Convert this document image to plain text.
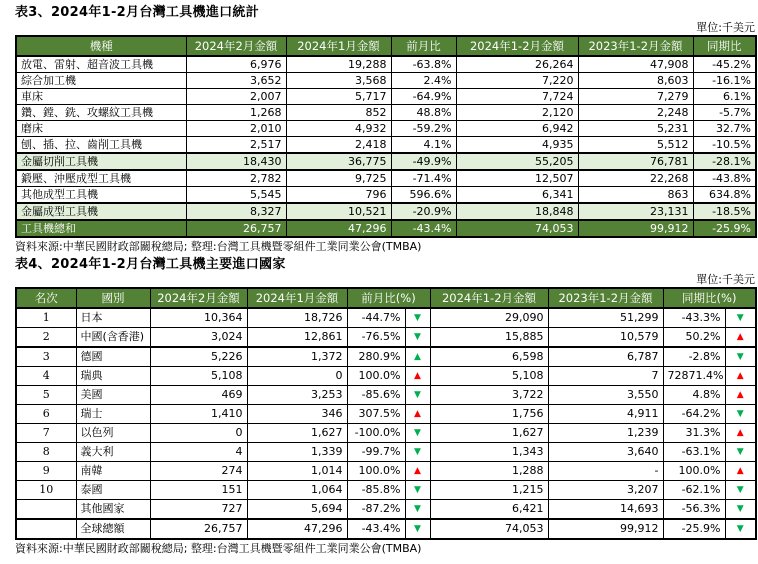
表3、2024年1-2月台灣工具機進口統計
單位:千美元
機種	2024年2月金額	2024年1月金額	前月比	2024年1-2月金額	2023年1-2月金額	同期比
放電、雷射、超音波工具機	6,976	19,288	-63.8%	26,264	47,908	-45.2%
綜合加工機	3,652	3,568	2.4%	7,220	8,603	-16.1%
車床	2,007	5,717	-64.9%	7,724	7,279	6.1%
鑽、鏜、銑、攻螺紋工具機	1,268	852	48.8%	2,120	2,248	-5.7%
磨床	2,010	4,932	-59.2%	6,942	5,231	32.7%
刨、插、拉、齒削工具機	2,517	2,418	4.1%	4,935	5,512	-10.5%
金屬切削工具機	18,430	36,775	-49.9%	55,205	76,781	-28.1%
鍛壓、沖壓成型工具機	2,782	9,725	-71.4%	12,507	22,268	-43.8%
其他成型工具機	5,545	796	596.6%	6,341	863	634.8%
金屬成型工具機	8,327	10,521	-20.9%	18,848	23,131	-18.5%
工具機總和	26,757	47,296	-43.4%	74,053	99,912	-25.9%
資料來源:中華民國財政部關稅總局; 整理:台灣工具機暨零組件工業同業公會(TMBA)
表4、2024年1-2月台灣工具機主要進口國家
單位:千美元
名次	國別	2024年2月金額	2024年1月金額	前月比(%)		2024年1-2月金額	2023年1-2月金額	同期比(%)	
1	日本	10,364	18,726	-44.7%	▼	29,090	51,299	-43.3%	▼
2	中國(含香港)	3,024	12,861	-76.5%	▼	15,885	10,579	50.2%	▲
3	德國	5,226	1,372	280.9%	▲	6,598	6,787	-2.8%	▼
4	瑞典	5,108	0	100.0%	▲	5,108	7	72871.4%	▲
5	美國	469	3,253	-85.6%	▼	3,722	3,550	4.8%	▲
6	瑞士	1,410	346	307.5%	▲	1,756	4,911	-64.2%	▼
7	以色列	0	1,627	-100.0%	▼	1,627	1,239	31.3%	▲
8	義大利	4	1,339	-99.7%	▼	1,343	3,640	-63.1%	▼
9	南韓	274	1,014	100.0%	▲	1,288	-	100.0%	▲
10	泰國	151	1,064	-85.8%	▼	1,215	3,207	-62.1%	▼
	其他國家	727	5,694	-87.2%	▼	6,421	14,693	-56.3%	▼
	全球總額	26,757	47,296	-43.4%	▼	74,053	99,912	-25.9%	▼
資料來源:中華民國財政部關稅總局; 整理:台灣工具機暨零組件工業同業公會(TMBA)
